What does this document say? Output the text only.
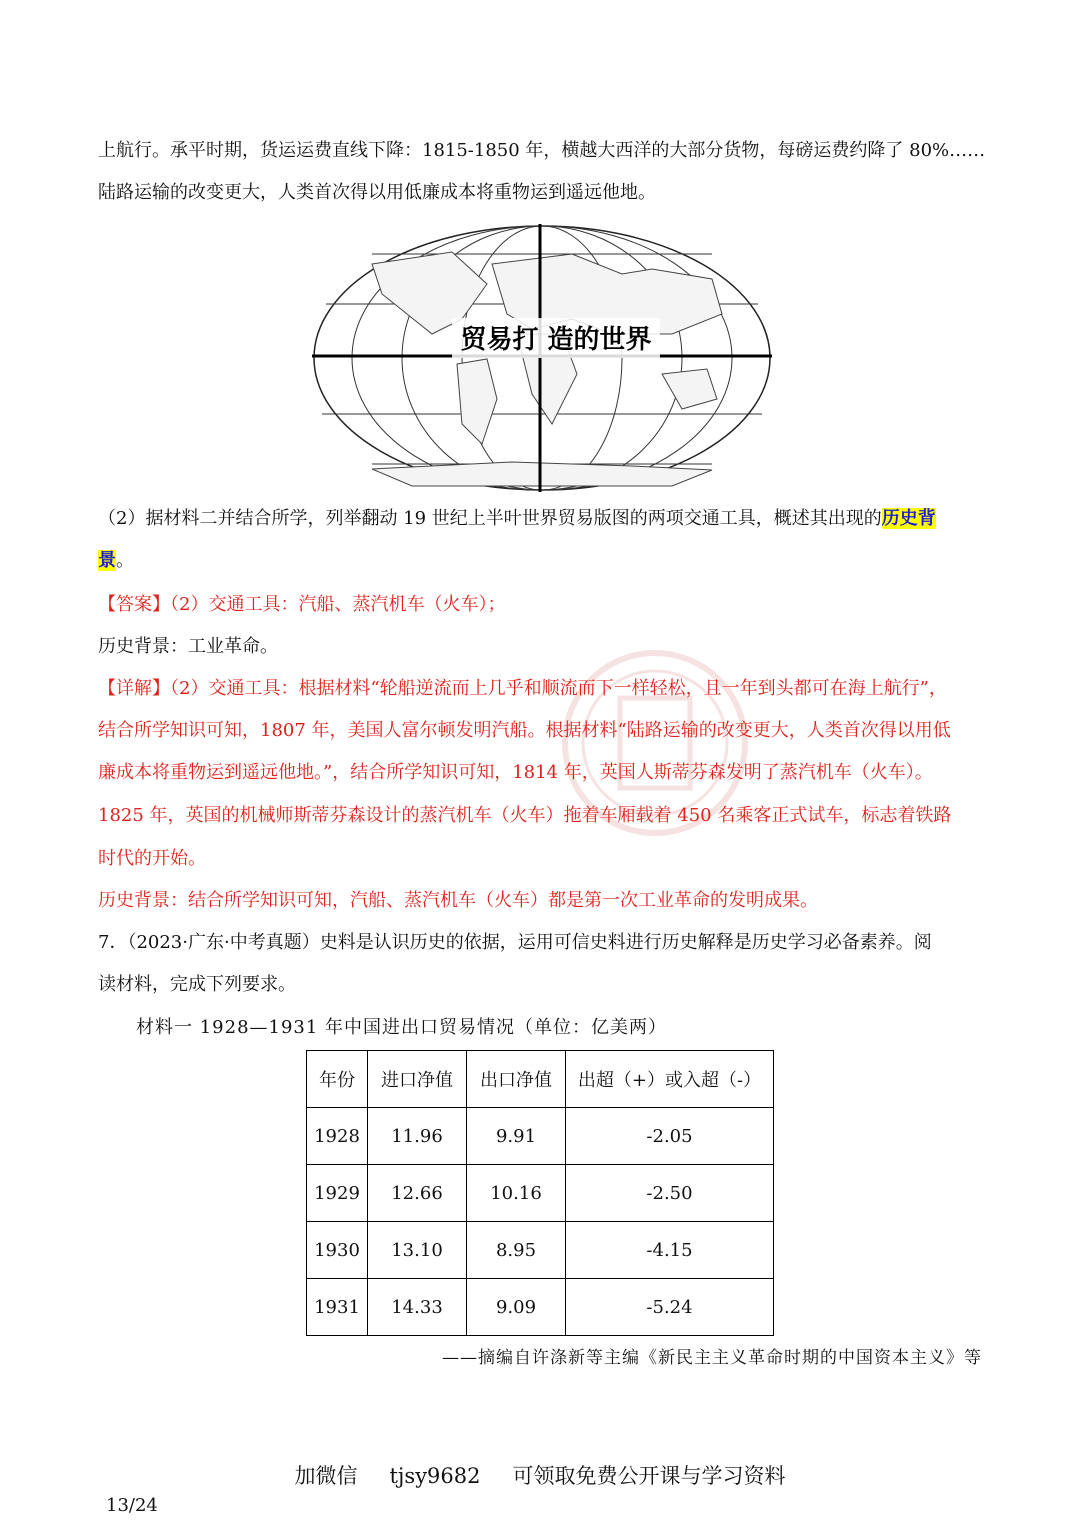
上航行。承平时期，货运运费直线下降：1815-1850 年，横越大西洋的大部分货物，每磅运费约降了 80%……
陆路运输的改变更大，人类首次得以用低廉成本将重物运到遥远他地。
贸易打 造的世界
（2）据材料二并结合所学，列举翻动 19 世纪上半叶世界贸易版图的两项交通工具，概述其出现的历史背
景。
【答案】（2）交通工具：汽船、蒸汽机车（火车）；
历史背景：工业革命。
【详解】（2）交通工具：根据材料“轮船逆流而上几乎和顺流而下一样轻松，且一年到头都可在海上航行”，
结合所学知识可知，1807 年，美国人富尔顿发明汽船。根据材料“陆路运输的改变更大，人类首次得以用低
廉成本将重物运到遥远他地。”，结合所学知识可知，1814 年，英国人斯蒂芬森发明了蒸汽机车（火车）。
1825 年，英国的机械师斯蒂芬森设计的蒸汽机车（火车）拖着车厢载着 450 名乘客正式试车，标志着铁路
时代的开始。
历史背景：结合所学知识可知，汽船、蒸汽机车（火车）都是第一次工业革命的发明成果。
7．（2023·广东·中考真题）史料是认识历史的依据，运用可信史料进行历史解释是历史学习必备素养。阅
读材料，完成下列要求。
材料一 1928—1931 年中国进出口贸易情况（单位：亿美两）
年份	进口净值	出口净值	出超（+）或入超（-）
1928	11.96	9.91	-2.05
1929	12.66	10.16	-2.50
1930	13.10	8.95	-4.15
1931	14.33	9.09	-5.24
——摘编自许涤新等主编《新民主主义革命时期的中国资本主义》等
加微信 tjsy9682 可领取免费公开课与学习资料
13/24
